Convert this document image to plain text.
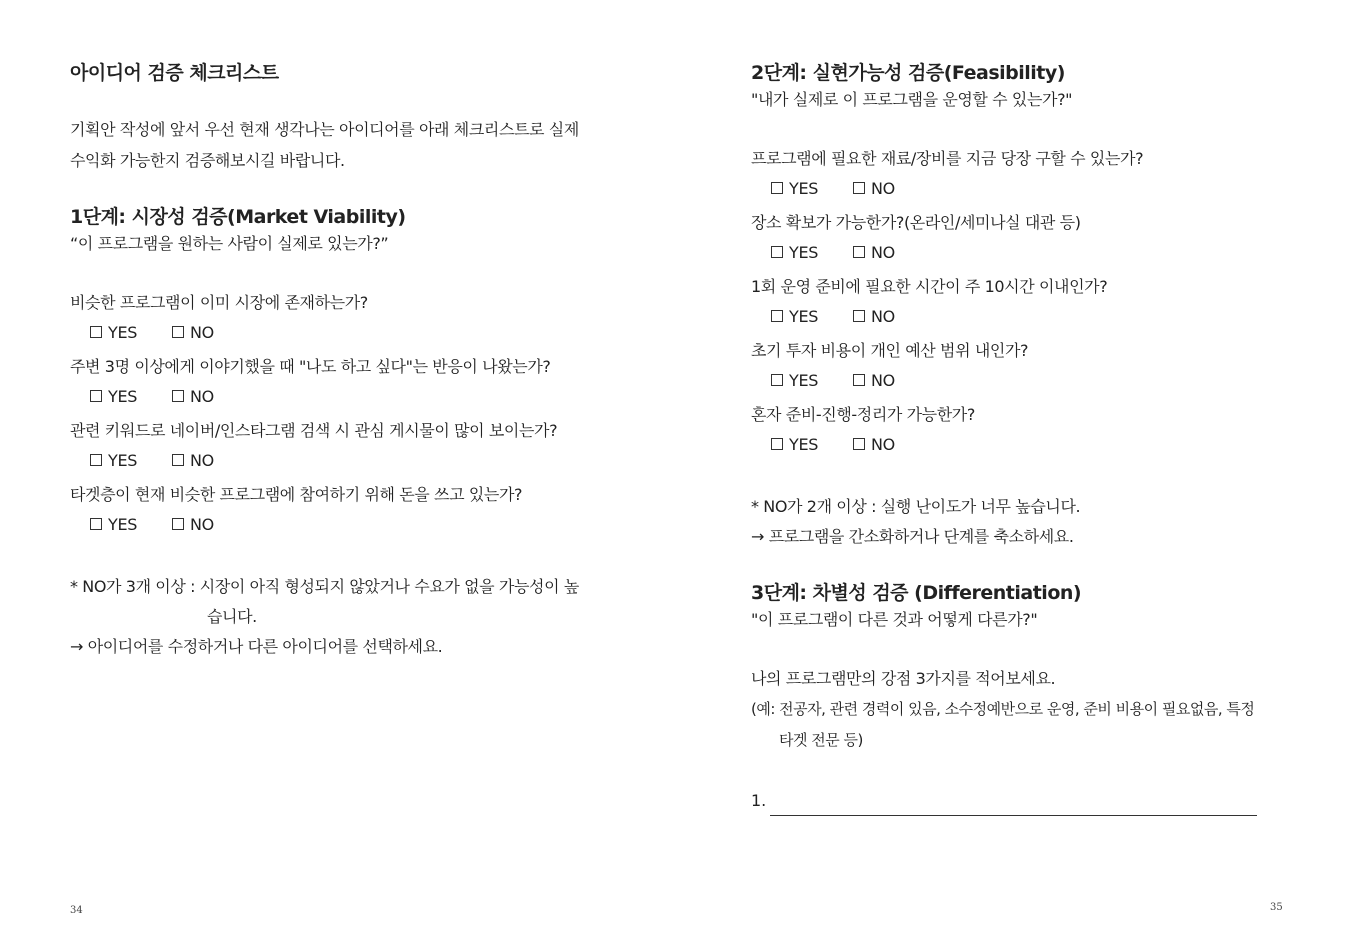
아이디어 검증 체크리스트

기획안 작성에 앞서 우선 현재 생각나는 아이디어를 아래 체크리스트로 실제

수익화 가능한지 검증해보시길 바랍니다.

1단계: 시장성 검증(Market Viability)

“이 프로그램을 원하는 사람이 실제로 있는가?”

비슷한 프로그램이 이미 시장에 존재하는가?

YES	NO

주변 3명 이상에게 이야기했을 때 "나도 하고 싶다"는 반응이 나왔는가?

YES	NO

관련 키워드로 네이버/인스타그램 검색 시 관심 게시물이 많이 보이는가?

YES	NO

타겟층이 현재 비슷한 프로그램에 참여하기 위해 돈을 쓰고 있는가?

YES	NO

* NO가 3개 이상 : 시장이 아직 형성되지 않았거나 수요가 없을 가능성이 높
습니다.

→ 아이디어를 수정하거나 다른 아이디어를 선택하세요.

34
2단계: 실현가능성 검증(Feasibility)

"내가 실제로 이 프로그램을 운영할 수 있는가?"

프로그램에 필요한 재료/장비를 지금 당장 구할 수 있는가?

YES	NO

장소 확보가 가능한가?(온라인/세미나실 대관 등)

YES	NO

1회 운영 준비에 필요한 시간이 주 10시간 이내인가?

YES	NO

초기 투자 비용이 개인 예산 범위 내인가?

YES	NO

혼자 준비-진행-정리가 가능한가?

YES	NO

* NO가 2개 이상 : 실행 난이도가 너무 높습니다.

→ 프로그램을 간소화하거나 단계를 축소하세요.

3단계: 차별성 검증 (Differentiation)

"이 프로그램이 다른 것과 어떻게 다른가?"

나의 프로그램만의 강점 3가지를 적어보세요.

(예: 전공자, 관련 경력이 있음, 소수정예반으로 운영, 준비 비용이 필요없음, 특정
타겟 전문 등)

1.
35
